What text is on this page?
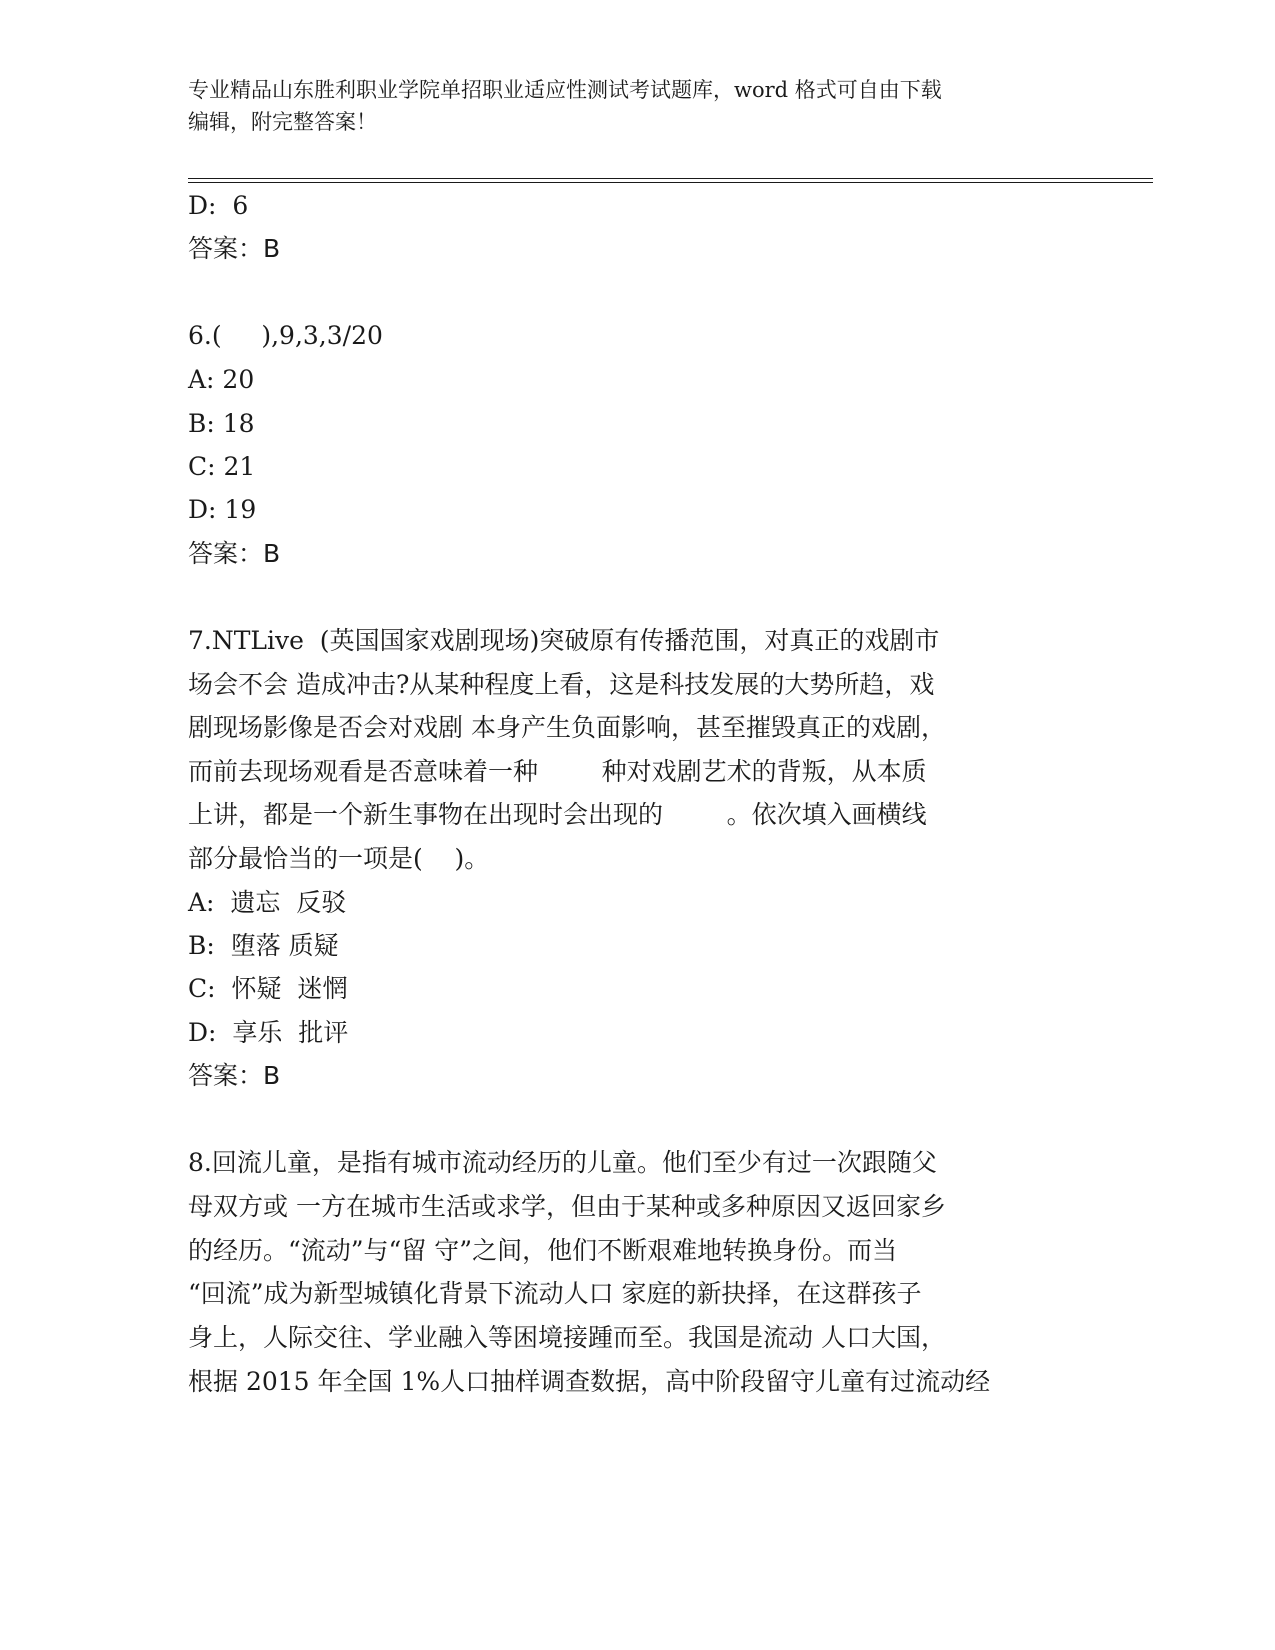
专业精品山东胜利职业学院单招职业适应性测试考试题库，word 格式可自由下载
编辑，附完整答案！
D:  6
答案：B
6.(     ),9,3,3/20
A: 20
B: 18
C: 21
D: 19
答案：B
7.NTLive  (英国国家戏剧现场)突破原有传播范围，对真正的戏剧市
场会不会 造成冲击?从某种程度上看，这是科技发展的大势所趋，戏
剧现场影像是否会对戏剧 本身产生负面影响，甚至摧毁真正的戏剧，
而前去现场观看是否意味着一种        种对戏剧艺术的背叛，从本质
上讲，都是一个新生事物在出现时会出现的        。依次填入画横线
部分最恰当的一项是(    )。
A:  遗忘  反驳
B:  堕落 质疑
C:  怀疑  迷惘
D:  享乐  批评
答案：B
8.回流儿童，是指有城市流动经历的儿童。他们至少有过一次跟随父
母双方或 一方在城市生活或求学，但由于某种或多种原因又返回家乡
的经历。“流动”与“留 守”之间，他们不断艰难地转换身份。而当
“回流”成为新型城镇化背景下流动人口 家庭的新抉择，在这群孩子
身上，人际交往、学业融入等困境接踵而至。我国是流动 人口大国，
根据 2015 年全国 1%人口抽样调查数据，高中阶段留守儿童有过流动经
